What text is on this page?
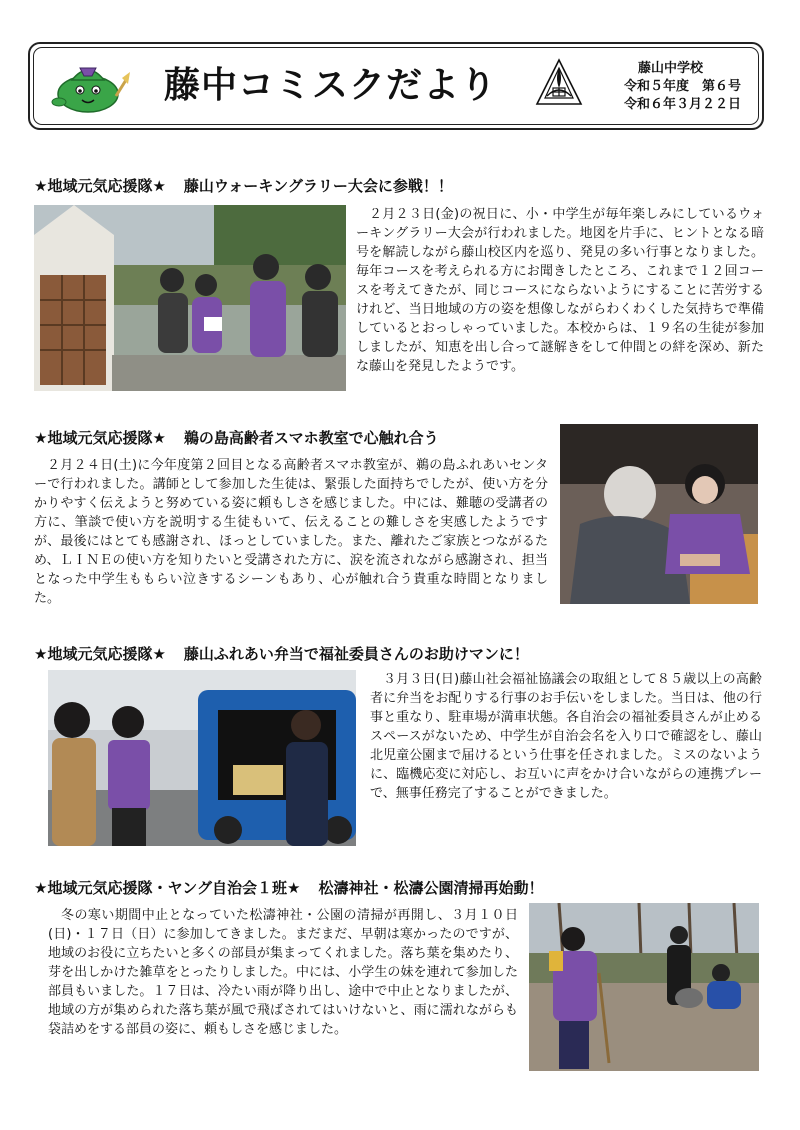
藤中コミスクだより	藤山中学校
令和５年度　第６号
令和６年３月２２日
★地域元気応援隊★ 藤山ウォーキングラリー大会に参戦！！

２月２３日(金)の祝日に、小・中学生が毎年楽しみにしているウォーキングラリー大会が行われました。地図を片手に、ヒントとなる暗号を解読しながら藤山校区内を巡り、発見の多い行事となりました。毎年コースを考えられる方にお聞きしたところ、これまで１２回コースを考えてきたが、同じコースにならないようにすることに苦労するけれど、当日地域の方の姿を想像しながらわくわくした気持ちで準備しているとおっしゃっていました。本校からは、１９名の生徒が参加しましたが、知恵を出し合って謎解きをして仲間との絆を深め、新たな藤山を発見したようです。

★地域元気応援隊★ 鵜の島高齢者スマホ教室で心触れ合う

２月２４日(土)に今年度第２回目となる高齢者スマホ教室が、鵜の島ふれあいセンターで行われました。講師として参加した生徒は、緊張した面持ちでしたが、使い方を分かりやすく伝えようと努めている姿に頼もしさを感じました。中には、難聴の受講者の方に、筆談で使い方を説明する生徒もいて、伝えることの難しさを実感したようですが、最後にはとても感謝され、ほっとしていました。また、離れたご家族とつながるため、ＬＩＮＥの使い方を知りたいと受講された方に、涙を流されながら感謝され、担当となった中学生ももらい泣きするシーンもあり、心が触れ合う貴重な時間となりました。

★地域元気応援隊★ 藤山ふれあい弁当で福祉委員さんのお助けマンに！

３月３日(日)藤山社会福祉協議会の取組として８５歳以上の高齢者に弁当をお配りする行事のお手伝いをしました。当日は、他の行事と重なり、駐車場が満車状態。各自治会の福祉委員さんが止めるスペースがないため、中学生が自治会名を入り口で確認をし、藤山北児童公園まで届けるという仕事を任されました。ミスのないように、臨機応変に対応し、お互いに声をかけ合いながらの連携プレーで、無事任務完了することができました。

★地域元気応援隊・ヤング自治会１班★ 松濤神社・松濤公園清掃再始動！

冬の寒い期間中止となっていた松濤神社・公園の清掃が再開し、３月１０日(日)・１７日（日）に参加してきました。まだまだ、早朝は寒かったのですが、地域のお役に立ちたいと多くの部員が集まってくれました。落ち葉を集めたり、芽を出しかけた雑草をとったりしました。中には、小学生の妹を連れて参加した部員もいました。１７日は、冷たい雨が降り出し、途中で中止となりましたが、地域の方が集められた落ち葉が風で飛ばされてはいけないと、雨に濡れながらも袋詰めをする部員の姿に、頼もしさを感じました。
